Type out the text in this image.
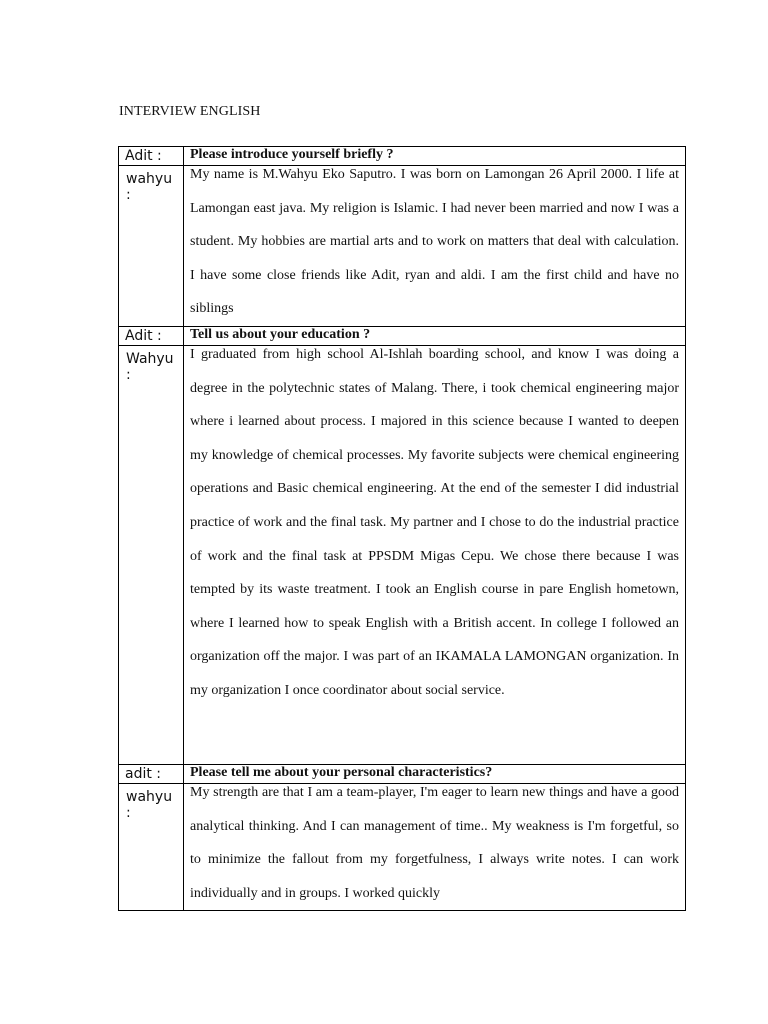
INTERVIEW ENGLISH
Adit :	Please introduce yourself briefly ?
wahyu :	My name is M.Wahyu Eko Saputro. I was born on Lamongan 26 April 2000. I life at Lamongan east java. My religion is Islamic. I had never been married and now I was a student. My hobbies are martial arts and to work on matters that deal with calculation. I have some close friends like Adit, ryan and aldi. I am the first child and have no siblings

Adit :	Tell us about your education ?
Wahyu :	I graduated from high school Al-Ishlah boarding school, and know I was doing a degree in the polytechnic states of Malang. There, i took chemical engineering major where i learned about process. I majored in this science because I wanted to deepen my knowledge of chemical processes. My favorite subjects were chemical engineering operations and Basic chemical engineering. At the end of the semester I did industrial practice of work and the final task. My partner and I chose to do the industrial practice of work and the final task at PPSDM Migas Cepu. We chose there because I was tempted by its waste treatment. I took an English course in pare English hometown, where I learned how to speak English with a British accent. In college I followed an organization off the major. I was part of an IKAMALA LAMONGAN organization. In my organization I once coordinator about social service.

adit :	Please tell me about your personal characteristics?
wahyu :	My strength are that I am a team-player, I'm eager to learn new things and have a good analytical thinking. And I can management of time.. My weakness is I'm forgetful, so to minimize the fallout from my forgetfulness, I always write notes. I can work individually and in groups. I worked quickly
